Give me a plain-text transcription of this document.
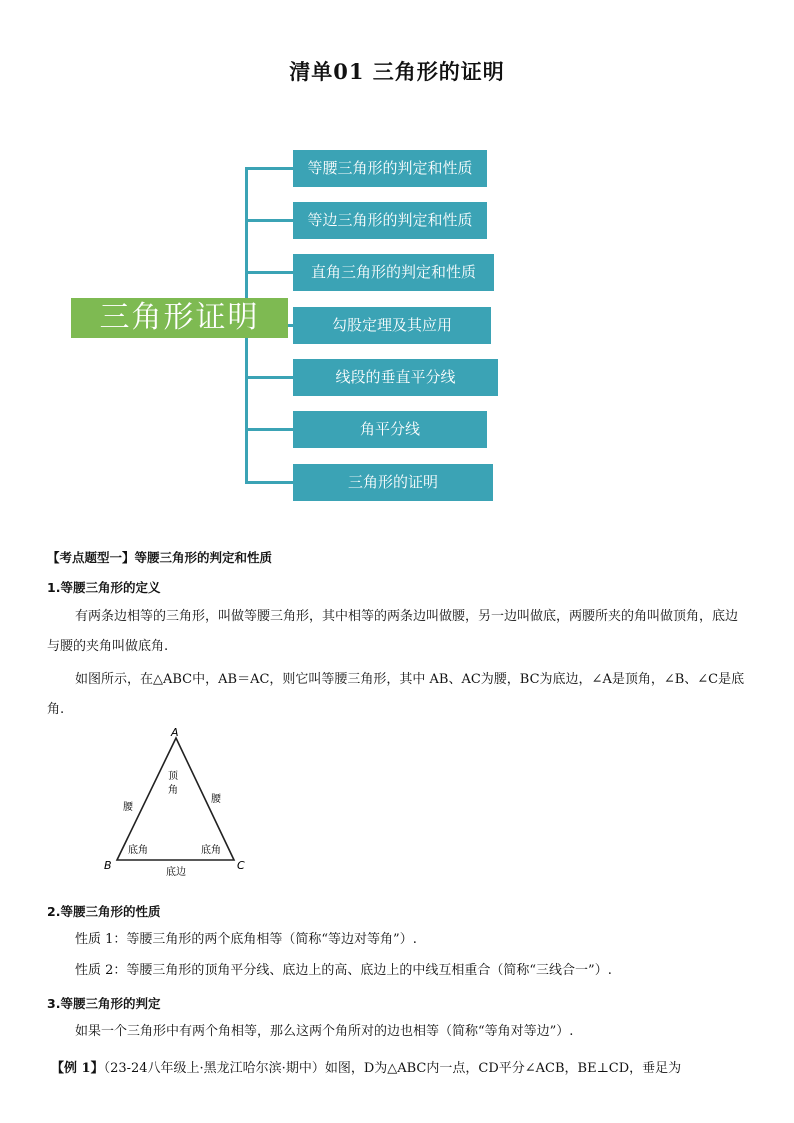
清单01 三角形的证明
三角形证明
等腰三角形的判定和性质
等边三角形的判定和性质
直角三角形的判定和性质
勾股定理及其应用
线段的垂直平分线
角平分线
三角形的证明
【考点题型一】等腰三角形的判定和性质
1.等腰三角形的定义
有两条边相等的三角形，叫做等腰三角形，其中相等的两条边叫做腰，另一边叫做底，两腰所夹的角叫做顶角，底边与腰的夹角叫做底角.
如图所示，在△ABC中，AB＝AC，则它叫等腰三角形，其中 AB、AC为腰，BC为底边，∠A是顶角，∠B、∠C是底角.
A
B	C
顶
角
腰
腰
底角	底角
底边
2.等腰三角形的性质
性质 1：等腰三角形的两个底角相等（简称“等边对等角”）.
性质 2：等腰三角形的顶角平分线、底边上的高、底边上的中线互相重合（简称“三线合一”）.
3.等腰三角形的判定
如果一个三角形中有两个角相等，那么这两个角所对的边也相等（简称“等角对等边”）.
【例 1】（23-24八年级上·黑龙江哈尔滨·期中）如图，D为△ABC内一点，CD平分∠ACB，BE⊥CD，垂足为
